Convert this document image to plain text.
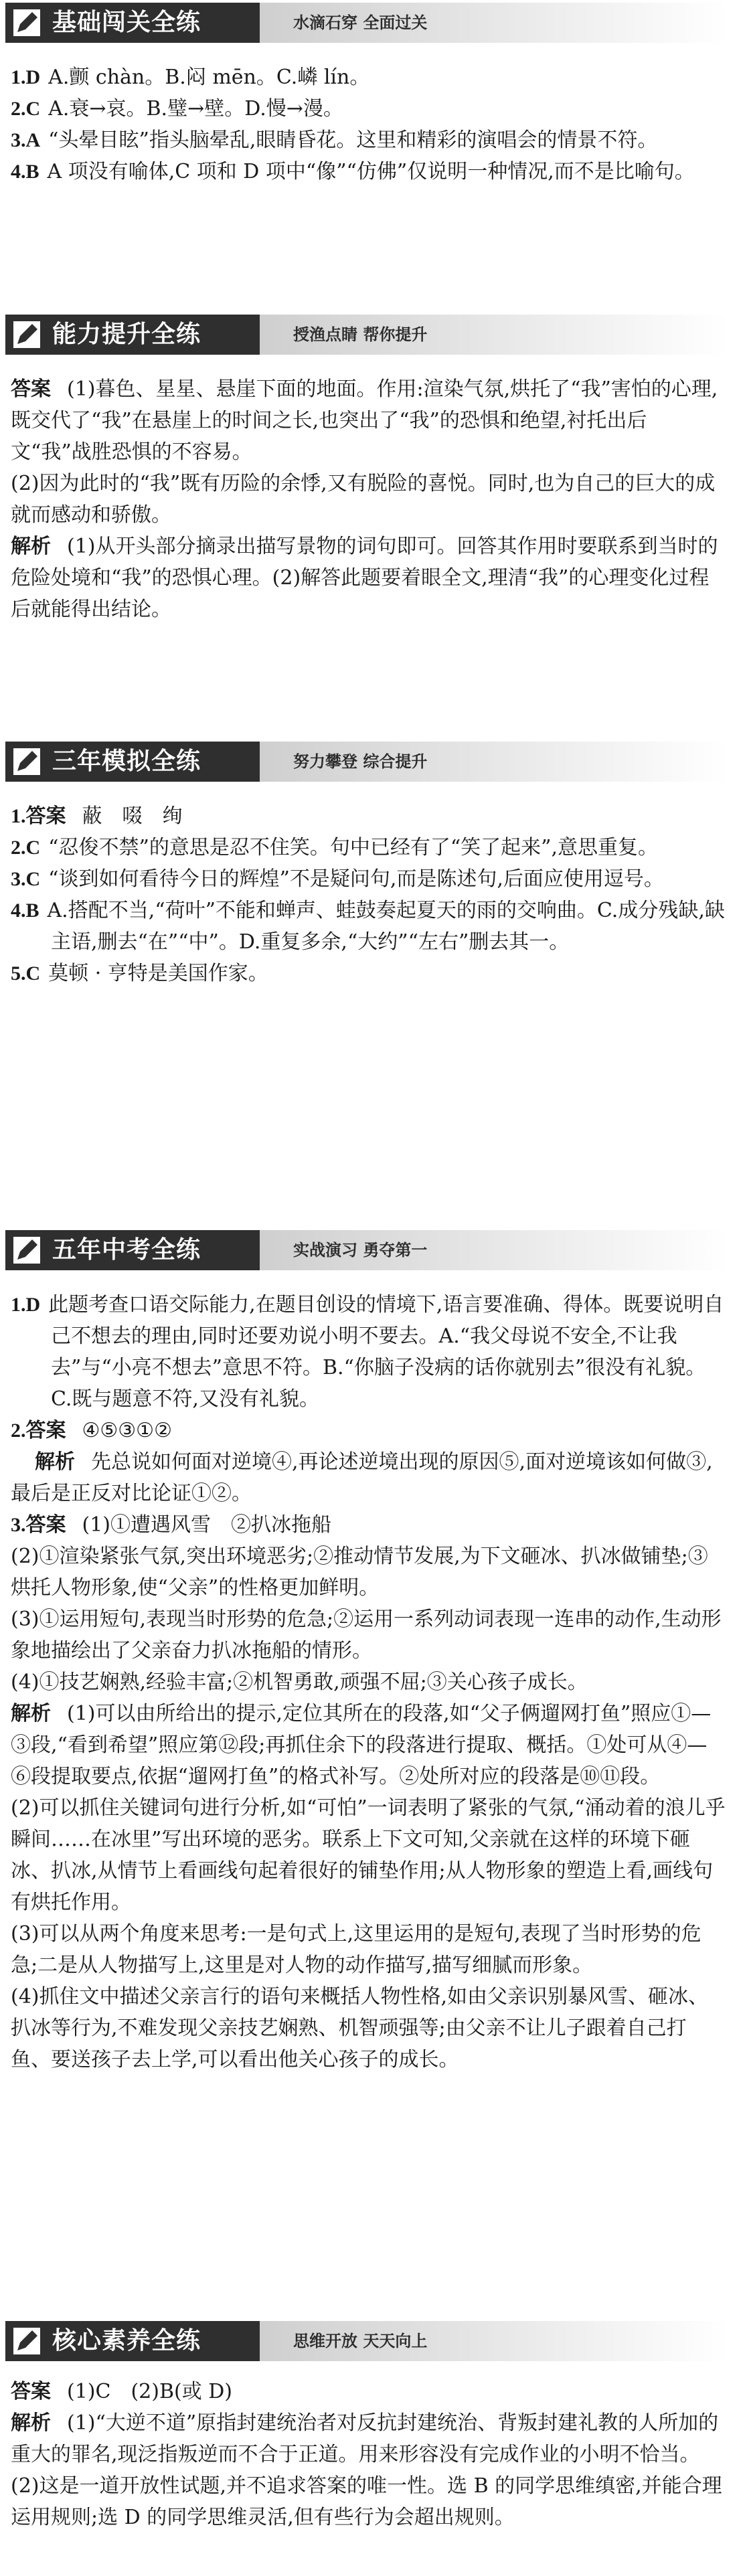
基础闯关全练	水滴石穿 全面过关

1.D A.颤 chàn。B.闷 mēn。C.嶙 lín。

2.C A.衰→哀。B.璧→壁。D.慢→漫。

3.A “头晕目眩”指头脑晕乱,眼睛昏花。这里和精彩的演唱会的情景不符。

4.B A 项没有喻体,C 项和 D 项中“像”“仿佛”仅说明一种情况,而不是比喻句。

能力提升全练	授渔点睛 帮你提升

答案 (1)暮色、星星、悬崖下面的地面。作用:渲染气氛,烘托了“我”害怕的心理,既交代了“我”在悬崖上的时间之长,也突出了“我”的恐惧和绝望,衬托出后文“我”战胜恐惧的不容易。

(2)因为此时的“我”既有历险的余悸,又有脱险的喜悦。同时,也为自己的巨大的成就而感动和骄傲。

解析 (1)从开头部分摘录出描写景物的词句即可。回答其作用时要联系到当时的危险处境和“我”的恐惧心理。(2)解答此题要着眼全文,理清“我”的心理变化过程后就能得出结论。

三年模拟全练	努力攀登 综合提升

1.答案 蔽　啜　绚

2.C “忍俊不禁”的意思是忍不住笑。句中已经有了“笑了起来”,意思重复。

3.C “谈到如何看待今日的辉煌”不是疑问句,而是陈述句,后面应使用逗号。

4.B A.搭配不当,“荷叶”不能和蝉声、蛙鼓奏起夏天的雨的交响曲。C.成分残缺,缺主语,删去“在”“中”。D.重复多余,“大约”“左右”删去其一。

5.C 莫顿 · 亨特是美国作家。

五年中考全练	实战演习 勇夺第一

1.D 此题考查口语交际能力,在题目创设的情境下,语言要准确、得体。既要说明自己不想去的理由,同时还要劝说小明不要去。A.“我父母说不安全,不让我去”与“小亮不想去”意思不符。B.“你脑子没病的话你就别去”很没有礼貌。C.既与题意不符,又没有礼貌。

2.答案 ④⑤③①②

解析 先总说如何面对逆境④,再论述逆境出现的原因⑤,面对逆境该如何做③,最后是正反对比论证①②。

3.答案 (1)①遭遇风雪　②扒冰拖船

(2)①渲染紧张气氛,突出环境恶劣;②推动情节发展,为下文砸冰、扒冰做铺垫;③烘托人物形象,使“父亲”的性格更加鲜明。

(3)①运用短句,表现当时形势的危急;②运用一系列动词表现一连串的动作,生动形象地描绘出了父亲奋力扒冰拖船的情形。

(4)①技艺娴熟,经验丰富;②机智勇敢,顽强不屈;③关心孩子成长。

解析 (1)可以由所给出的提示,定位其所在的段落,如“父子俩遛网打鱼”照应①—③段,“看到希望”照应第⑫段;再抓住余下的段落进行提取、概括。①处可从④—⑥段提取要点,依据“遛网打鱼”的格式补写。②处所对应的段落是⑩⑪段。

(2)可以抓住关键词句进行分析,如“可怕”一词表明了紧张的气氛,“涌动着的浪儿乎瞬间……在冰里”写出环境的恶劣。联系上下文可知,父亲就在这样的环境下砸冰、扒冰,从情节上看画线句起着很好的铺垫作用;从人物形象的塑造上看,画线句有烘托作用。

(3)可以从两个角度来思考:一是句式上,这里运用的是短句,表现了当时形势的危急;二是从人物描写上,这里是对人物的动作描写,描写细腻而形象。

(4)抓住文中描述父亲言行的语句来概括人物性格,如由父亲识别暴风雪、砸冰、扒冰等行为,不难发现父亲技艺娴熟、机智顽强等;由父亲不让儿子跟着自己打鱼、要送孩子去上学,可以看出他关心孩子的成长。

核心素养全练	思维开放 天天向上

答案 (1)C　(2)B(或 D)

解析 (1)“大逆不道”原指封建统治者对反抗封建统治、背叛封建礼教的人所加的重大的罪名,现泛指叛逆而不合于正道。用来形容没有完成作业的小明不恰当。(2)这是一道开放性试题,并不追求答案的唯一性。选 B 的同学思维缜密,并能合理运用规则;选 D 的同学思维灵活,但有些行为会超出规则。
